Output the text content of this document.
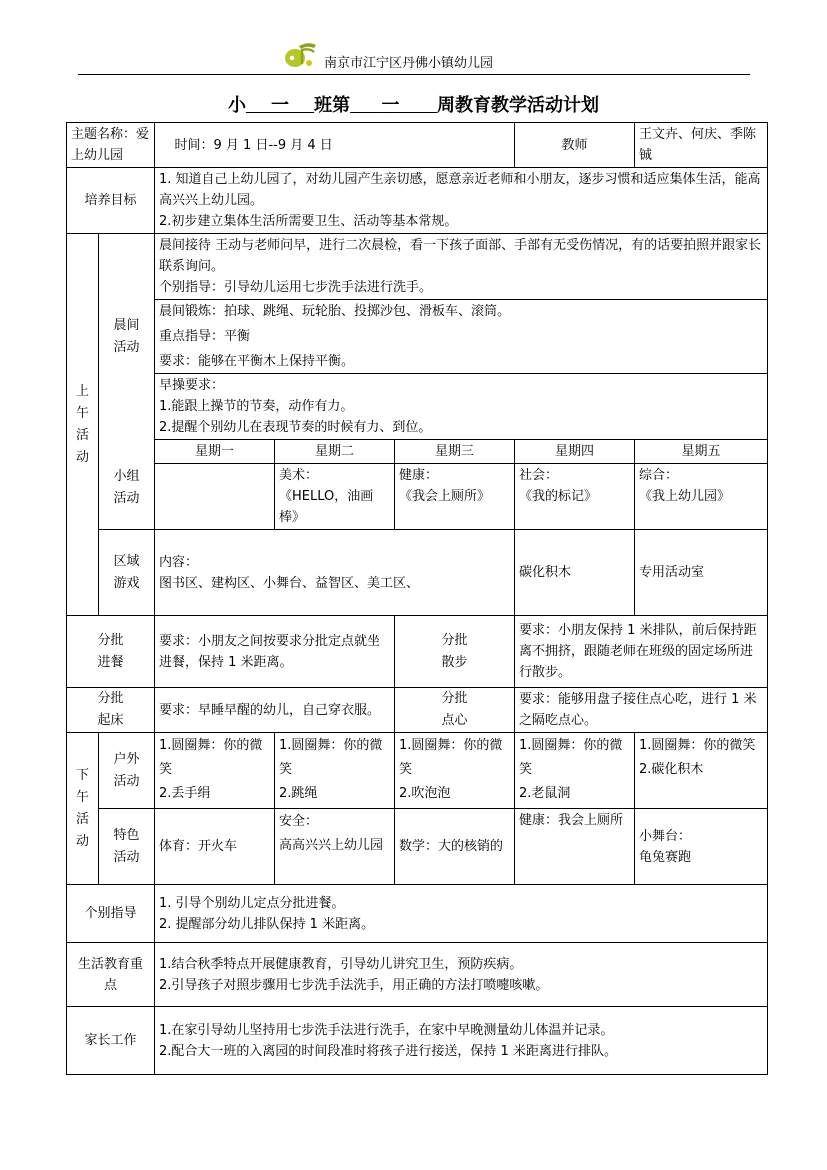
南京市江宁区丹佛小镇幼儿园
小 一 班第 一 周教育教学活动计划
主题名称：爱上幼儿园			时间：9 月 1 日--9 月 4 日		教师	王文卉、何庆、季陈铖
培养目标		1. 知道自己上幼儿园了，对幼儿园产生亲切感，愿意亲近老师和小朋友，逐步习惯和适应集体生活，能高高兴兴上幼儿园。
2.初步建立集体生活所需要卫生、活动等基本常规。				

上
午
活
动	晨间
活动	晨间接待 王动与老师问早，进行二次晨检，看一下孩子面部、手部有无受伤情况，有的话要拍照并跟家长联系询问。
个别指导：引导幼儿运用七步洗手法进行洗手。				

		晨间锻炼：拍球、跳绳、玩轮胎、投掷沙包、滑板车、滚筒。
重点指导：平衡
要求：能够在平衡木上保持平衡。				

		早操要求：
1.能跟上操节的节奏，动作有力。
2.提醒个别幼儿在表现节奏的时候有力、到位。				

		星期一	星期二	星期三	星期四	星期五
	小组
活动		美术：
《HELLO，油画棒》	健康：
《我会上厕所》	社会：
《我的标记》	综合：
《我上幼儿园》
	区域
游戏	内容：
图书区、建构区、小舞台、益智区、美工区、			碳化积木	专用活动室
分批
进餐		要求：小朋友之间按要求分批定点就坐进餐，保持 1 米距离。		分批
散步	要求：小朋友保持 1 米排队，前后保持距离不拥挤，跟随老师在班级的固定场所进行散步。	
分批
起床		要求：早睡早醒的幼儿，自己穿衣服。		分批
点心	要求：能够用盘子接住点心吃，进行 1 米之隔吃点心。	
下
午
活
动	户外
活动	1.圆圈舞：你的微笑
2.丢手绢	1.圆圈舞：你的微笑
2.跳绳	1.圆圈舞：你的微笑
2.吹泡泡	1.圆圈舞：你的微笑
2.老鼠洞	1.圆圈舞：你的微笑
2.碳化积木
	特色
活动	体育：开火车	安全：
高高兴兴上幼儿园	数学：大的核销的	健康：我会上厕所	小舞台：
龟兔赛跑
个别指导		1. 引导个别幼儿定点分批进餐。
2. 提醒部分幼儿排队保持 1 米距离。				

生活教育重 点		1.结合秋季特点开展健康教育，引导幼儿讲究卫生，预防疾病。
2.引导孩子对照步骤用七步洗手法洗手，用正确的方法打喷嚏咳嗽。				

家长工作		1.在家引导幼儿坚持用七步洗手法进行洗手，在家中早晚测量幼儿体温并记录。
2.配合大一班的入离园的时间段准时将孩子进行接送，保持 1 米距离进行排队。				
